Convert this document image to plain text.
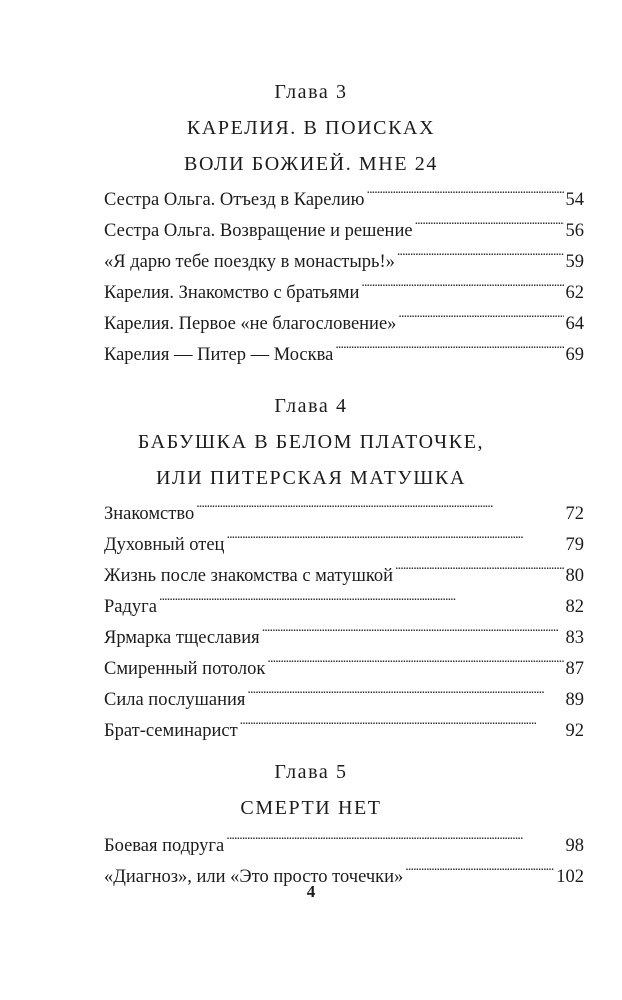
Глава 3
КАРЕЛИЯ. В ПОИСКАХ
ВОЛИ БОЖИЕЙ. МНЕ 24
Сестра Ольга. Отъезд в Карелию . . .	54
Сестра Ольга. Возвращение и решение . . .	56
«Я дарю тебе поездку в монастырь!» . . .	59
Карелия. Знакомство с братьями . . .	62
Карелия. Первое «не благословение» . . .	64
Карелия — Питер — Москва . . .	69
Глава 4
БАБУШКА В БЕЛОМ ПЛАТОЧКЕ,
ИЛИ ПИТЕРСКАЯ МАТУШКА
Знакомство . . .	72
Духовный отец . . .	79
Жизнь после знакомства с матушкой . . .	80
Радуга . . .	82
Ярмарка тщеславия . . .	83
Смиренный потолок . . .	87
Сила послушания . . .	89
Брат-семинарист . . .	92
Глава 5
СМЕРТИ НЕТ
Боевая подруга . . .	98
«Диагноз», или «Это просто точечки» . . .	102
4
